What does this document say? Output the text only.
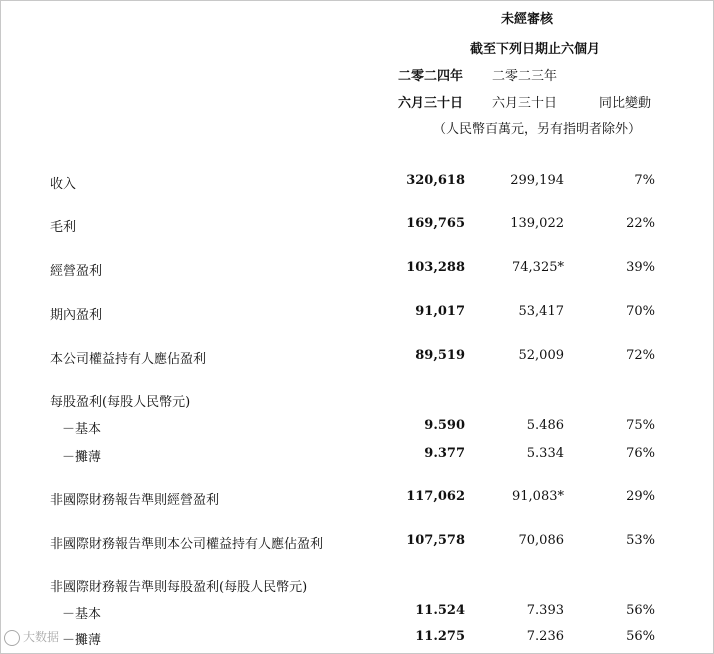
未經審核
截至下列日期止六個月
二零二四年 二零二三年
六月三十日 六月三十日	同比變動
（人民幣百萬元，另有指明者除外）
收入	320,618	299,194	7%
毛利	169,765	139,022	22%
經營盈利	103,288	74,325*	39%
期內盈利	91,017	53,417	70%
本公司權益持有人應佔盈利	89,519	52,009	72%
每股盈利(每股人民幣元)
－基本	9.590	5.486	75%
－攤薄	9.377	5.334	76%
非國際財務報告準則經營盈利	117,062	91,083*	29%
非國際財務報告準則本公司權益持有人應佔盈利	107,578	70,086	53%
非國際財務報告準則每股盈利(每股人民幣元)
－基本	11.524	7.393	56%
－攤薄	11.275	7.236	56%
大数据
